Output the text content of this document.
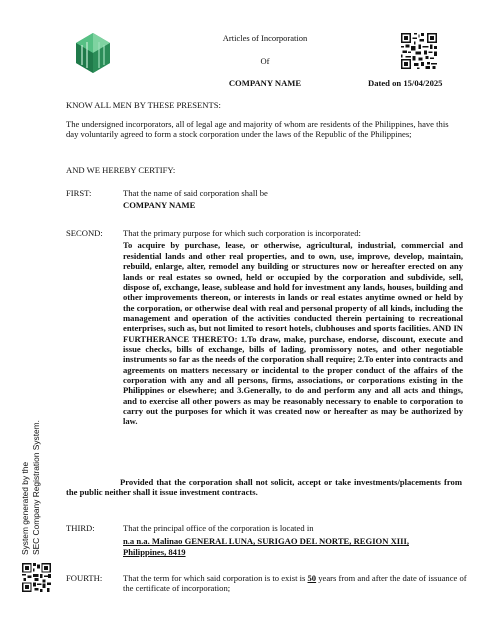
Articles of Incorporation
Of
COMPANY NAME	Dated on 15/04/2025
KNOW ALL MEN BY THESE PRESENTS:
The undersigned incorporators, all of legal age and majority of whom are residents of the Philippines, have this day voluntarily agreed to form a stock corporation under the laws of the Republic of the Philippines;
AND WE HEREBY CERTIFY:
FIRST:	That the name of said corporation shall be
COMPANY NAME
SECOND: That the primary purpose for which such corporation is incorporated:
To acquire by purchase, lease, or otherwise, agricultural, industrial, commercial and residential lands and other real properties, and to own, use, improve, develop, maintain, rebuild, enlarge, alter, remodel any building or structures now or hereafter erected on any lands or real estates so owned, held or occupied by the corporation and subdivide, sell, dispose of, exchange, lease, sublease and hold for investment any lands, houses, building and other improvements thereon, or interests in lands or real estates anytime owned or held by the corporation, or otherwise deal with real and personal property of all kinds, including the management and operation of the activities conducted therein pertaining to recreational enterprises, such as, but not limited to resort hotels, clubhouses and sports facilities. AND IN FURTHERANCE THERETO: 1.To draw, make, purchase, endorse, discount, execute and issue checks, bills of exchange, bills of lading, promissory notes, and other negotiable instruments so far as the needs of the corporation shall require; 2.To enter into contracts and agreements on matters necessary or incidental to the proper conduct of the affairs of the corporation with any and all persons, firms, associations, or corporations existing in the Philippines or elsewhere; and 3.Generally, to do and perform any and all acts and things, and to exercise all other powers as may be reasonably necessary to enable to corporation to carry out the purposes for which it was created now or hereafter as may be authorized by law.
Provided that the corporation shall not solicit, accept or take investments/placements from the public neither shall it issue investment contracts.
THIRD:	That the principal office of the corporation is located in
n.a n.a. Malinao GENERAL LUNA, SURIGAO DEL NORTE, REGION XIII,
Philippines, 8419
FOURTH: That the term for which said corporation is to exist is 50 years from and after the date of issuance of the certificate of incorporation;
System generated by the SEC Company Registration System.
